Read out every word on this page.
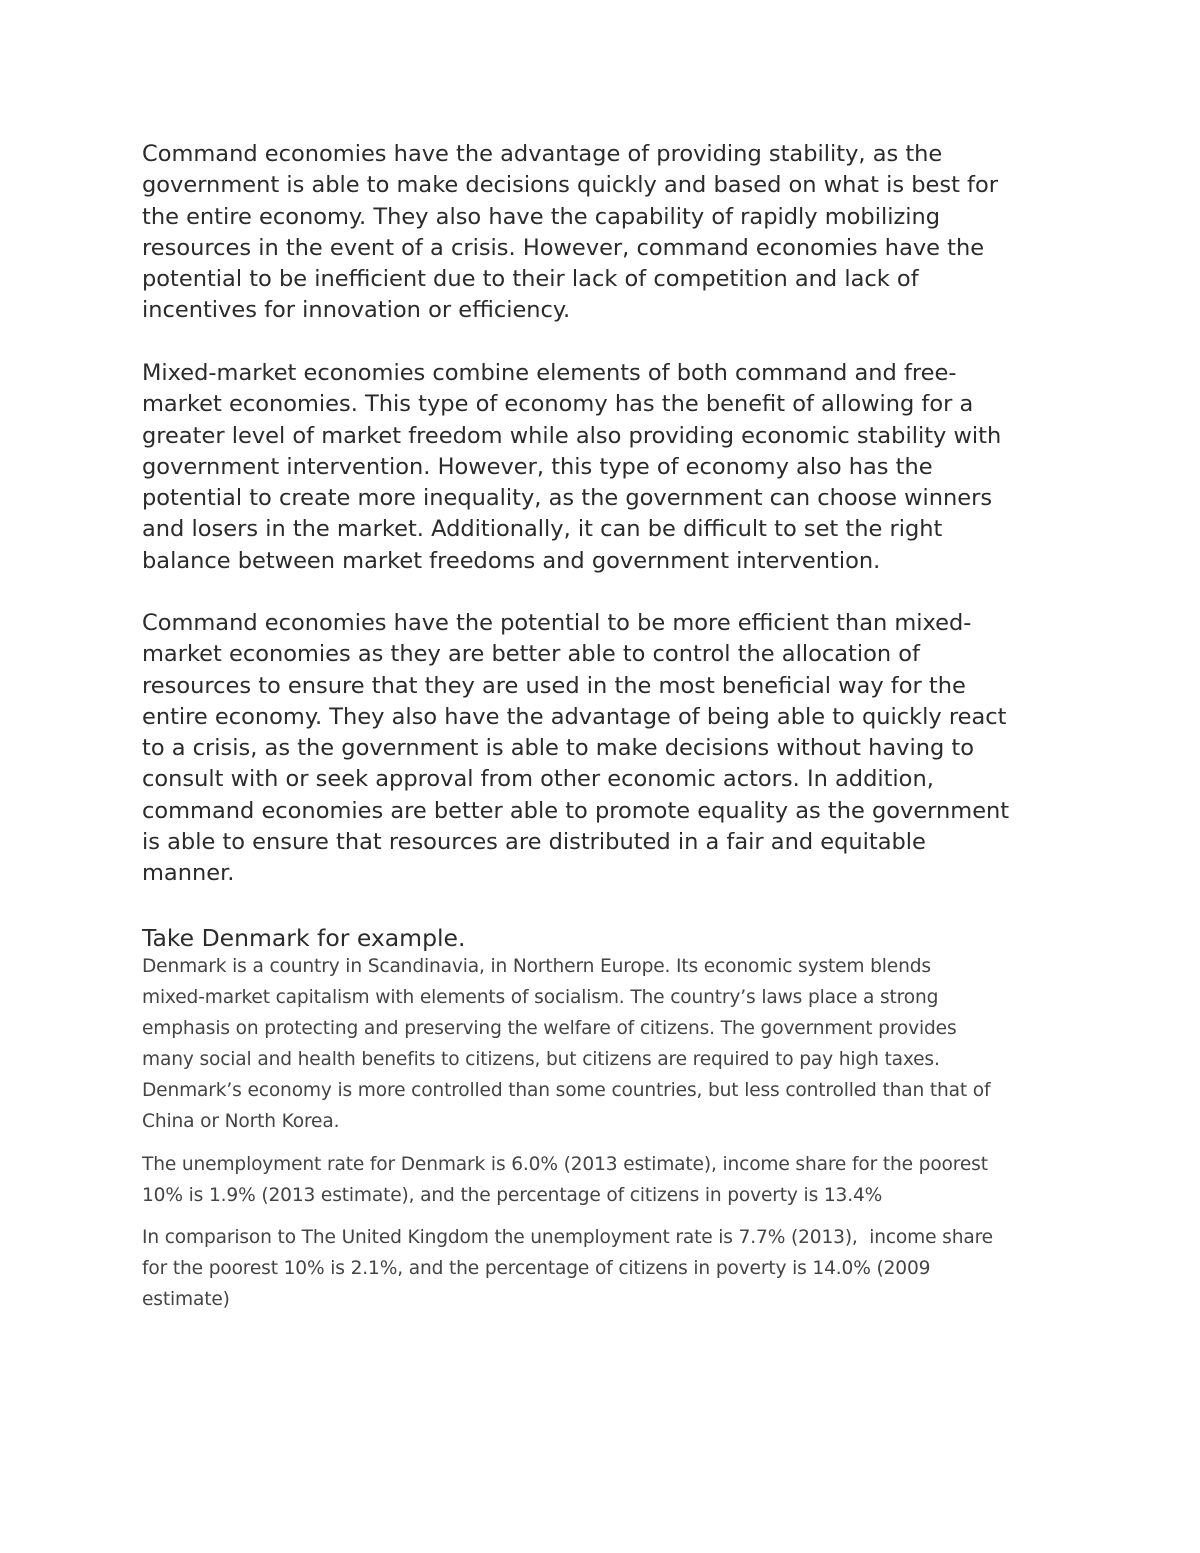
Command economies have the advantage of providing stability, as the
government is able to make decisions quickly and based on what is best for
the entire economy. They also have the capability of rapidly mobilizing
resources in the event of a crisis. However, command economies have the
potential to be inefficient due to their lack of competition and lack of
incentives for innovation or efficiency.

Mixed-market economies combine elements of both command and free-
market economies. This type of economy has the benefit of allowing for a
greater level of market freedom while also providing economic stability with
government intervention. However, this type of economy also has the
potential to create more inequality, as the government can choose winners
and losers in the market. Additionally, it can be difficult to set the right
balance between market freedoms and government intervention.

Command economies have the potential to be more efficient than mixed-
market economies as they are better able to control the allocation of
resources to ensure that they are used in the most beneficial way for the
entire economy. They also have the advantage of being able to quickly react
to a crisis, as the government is able to make decisions without having to
consult with or seek approval from other economic actors. In addition,
command economies are better able to promote equality as the government
is able to ensure that resources are distributed in a fair and equitable
manner.

Take Denmark for example.

Denmark is a country in Scandinavia, in Northern Europe. Its economic system blends
mixed-market capitalism with elements of socialism. The country’s laws place a strong
emphasis on protecting and preserving the welfare of citizens. The government provides
many social and health benefits to citizens, but citizens are required to pay high taxes.
Denmark’s economy is more controlled than some countries, but less controlled than that of
China or North Korea.

The unemployment rate for Denmark is 6.0% (2013 estimate), income share for the poorest
10% is 1.9% (2013 estimate), and the percentage of citizens in poverty is 13.4%

In comparison to The United Kingdom the unemployment rate is 7.7% (2013),  income share
for the poorest 10% is 2.1%, and the percentage of citizens in poverty is 14.0% (2009
estimate)
